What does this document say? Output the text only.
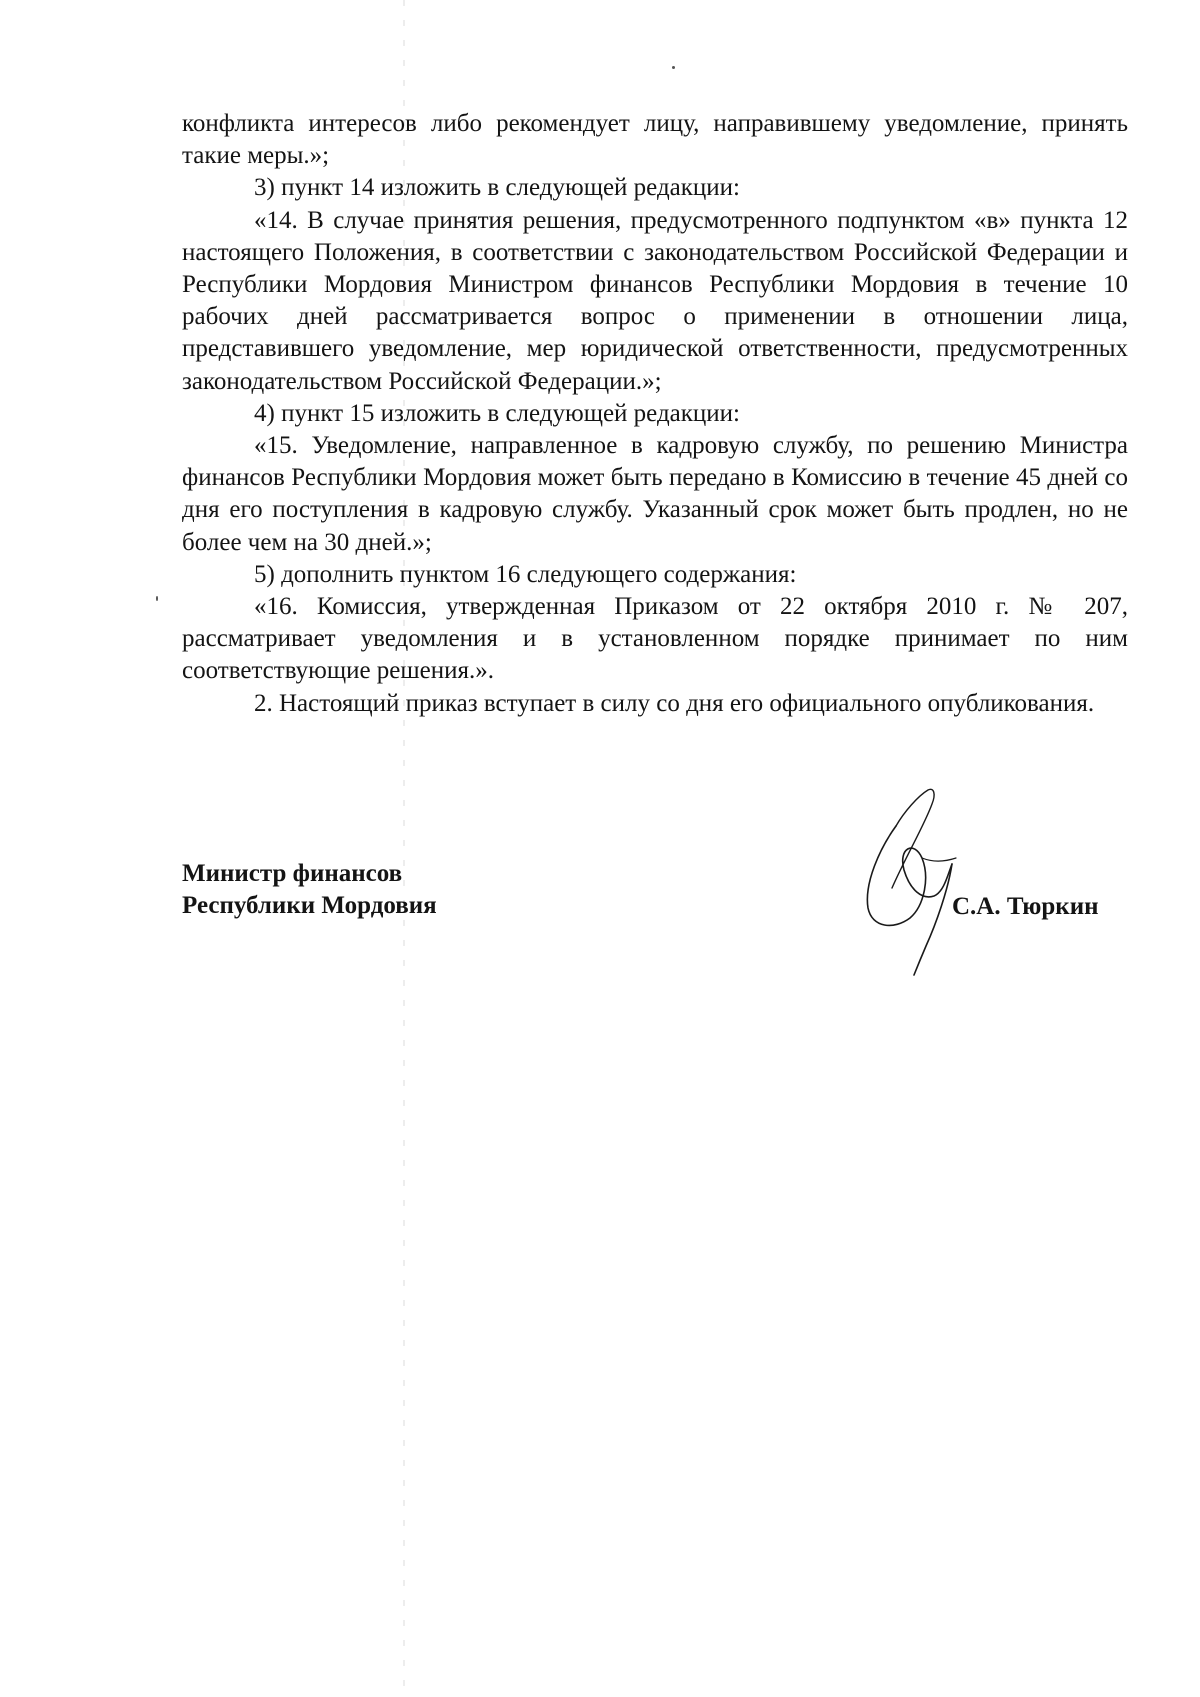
конфликта интересов либо рекомендует лицу, направившему уведомление, принять такие меры.»;

3) пункт 14 изложить в следующей редакции:

«14. В случае принятия решения, предусмотренного подпунктом «в» пункта 12 настоящего Положения, в соответствии с законодательством Российской Федерации и Республики Мордовия Министром финансов Республики Мордовия в течение 10 рабочих дней рассматривается вопрос о применении в отношении лица, представившего уведомление, мер юридической ответственности, предусмотренных законодательством Российской Федерации.»;

4) пункт 15 изложить в следующей редакции:

«15. Уведомление, направленное в кадровую службу, по решению Министра финансов Республики Мордовия может быть передано в Комиссию в течение 45 дней со дня его поступления в кадровую службу. Указанный срок может быть продлен, но не более чем на 30 дней.»;

5) дополнить пунктом 16 следующего содержания:

«16. Комиссия, утвержденная Приказом от 22 октября 2010 г. № 207, рассматривает уведомления и в установленном порядке принимает по ним соответствующие решения.».

2. Настоящий приказ вступает в силу со дня его официального опубликования.

Министр финансов
Республики Мордовия	С.А. Тюркин
